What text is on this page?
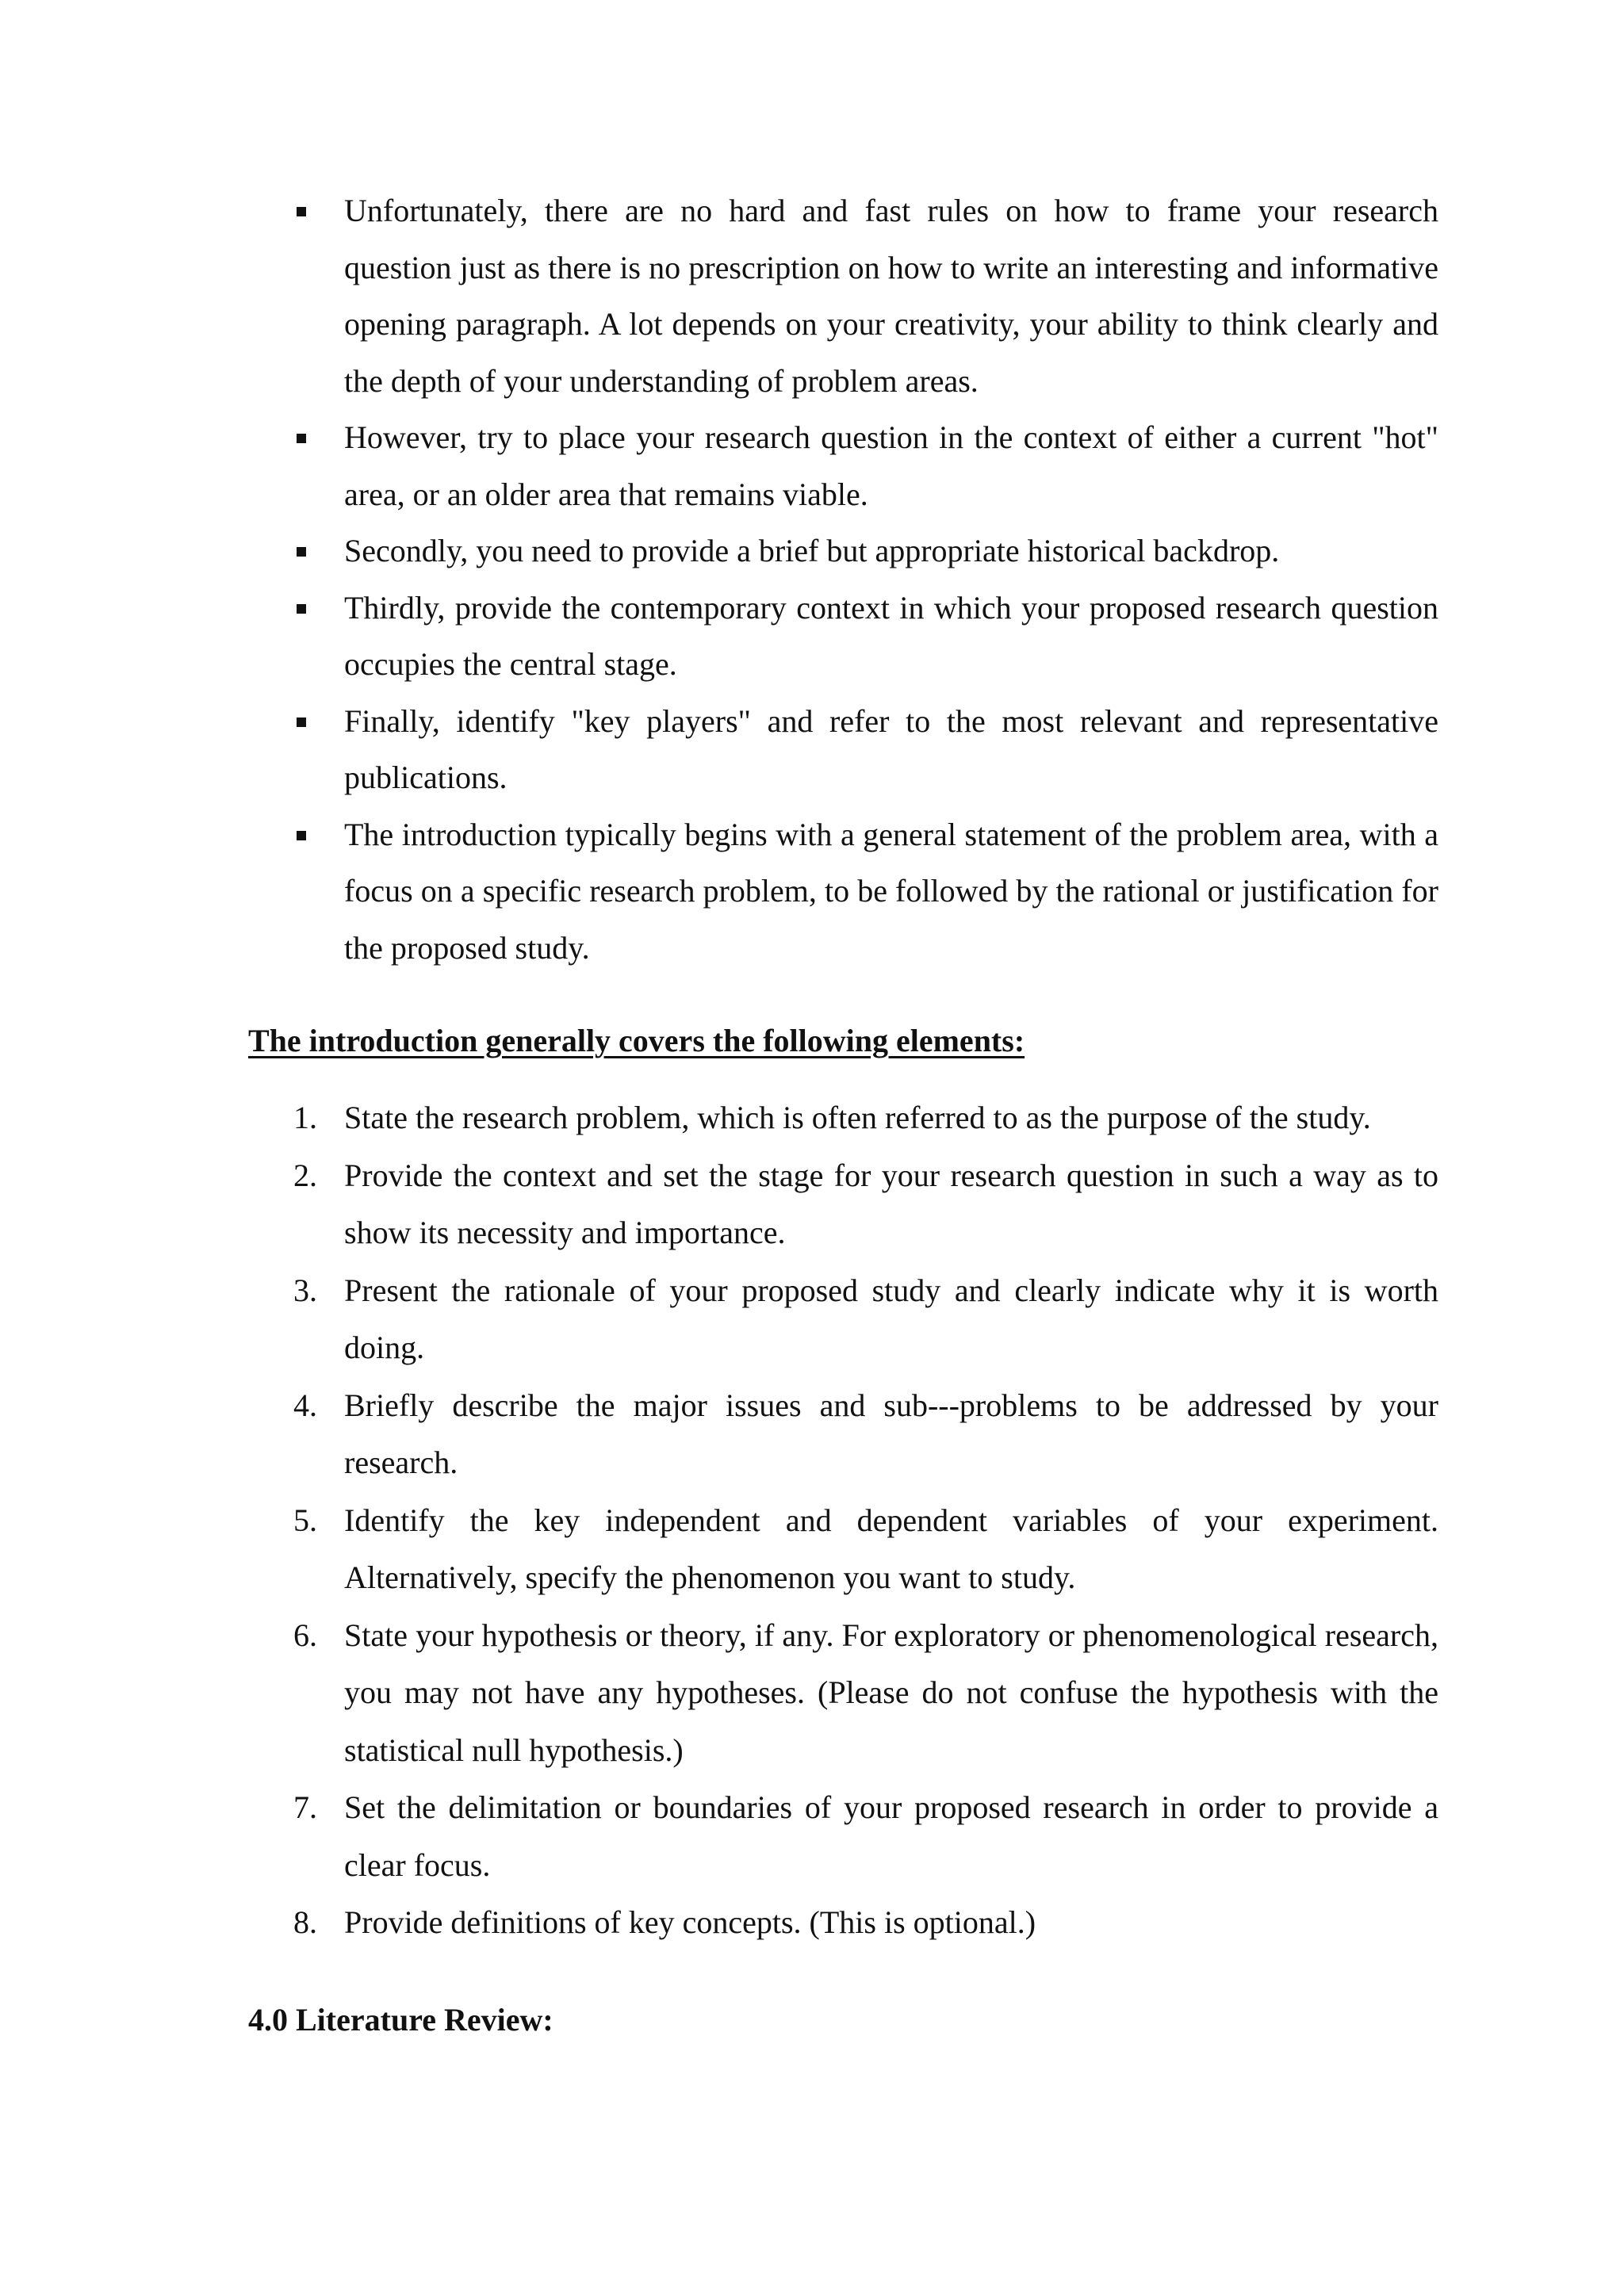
Unfortunately, there are no hard and fast rules on how to frame your research question just as there is no prescription on how to write an interesting and informative opening paragraph. A lot depends on your creativity, your ability to think clearly and the depth of your understanding of problem areas.
However, try to place your research question in the context of either a current "hot" area, or an older area that remains viable.
Secondly, you need to provide a brief but appropriate historical backdrop.
Thirdly, provide the contemporary context in which your proposed research question occupies the central stage.
Finally, identify "key players" and refer to the most relevant and representative publications.
The introduction typically begins with a general statement of the problem area, with a focus on a specific research problem, to be followed by the rational or justification for the proposed study.
The introduction generally covers the following elements:
1. State the research problem, which is often referred to as the purpose of the study.
2. Provide the context and set the stage for your research question in such a way as to show its necessity and importance.
3. Present the rationale of your proposed study and clearly indicate why it is worth doing.
4. Briefly describe the major issues and sub---problems to be addressed by your research.
5. Identify the key independent and dependent variables of your experiment. Alternatively, specify the phenomenon you want to study.
6. State your hypothesis or theory, if any. For exploratory or phenomenological research, you may not have any hypotheses. (Please do not confuse the hypothesis with the statistical null hypothesis.)
7. Set the delimitation or boundaries of your proposed research in order to provide a clear focus.
8. Provide definitions of key concepts. (This is optional.)
4.0 Literature Review:
